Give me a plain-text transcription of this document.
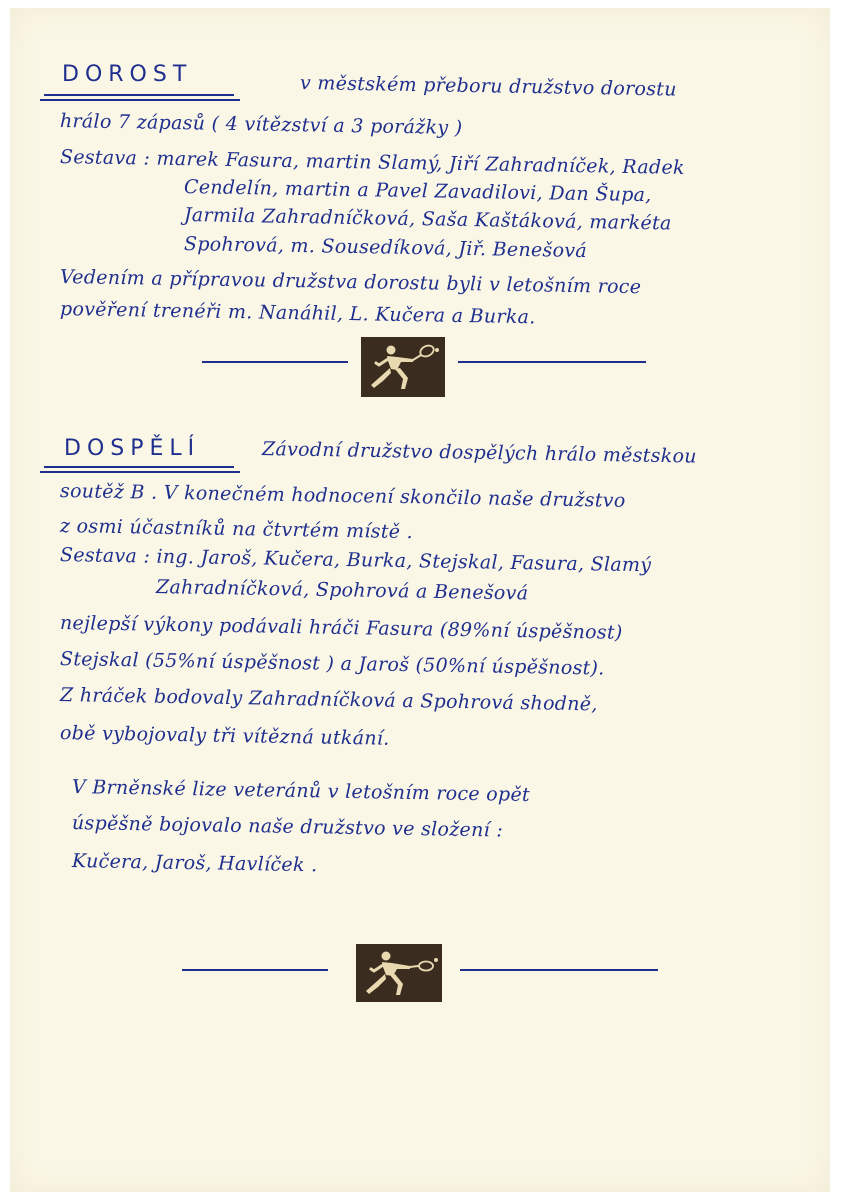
DOROST	v městském přeboru družstvo dorostu
hrálo 7 zápasů ( 4 vítězství a 3 porážky )
Sestava : marek Fasura, martin Slamý, Jiří Zahradníček, Radek
Cendelín, martin a Pavel Zavadilovi, Dan Šupa,
Jarmila Zahradníčková, Saša Kaštáková, markéta
Spohrová, m. Sousedíková, Jiř. Benešová
Vedením a přípravou družstva dorostu byli v letošním roce
pověření trenéři m. Nanáhil, L. Kučera a Burka.
DOSPĚLÍ	Závodní družstvo dospělých hrálo městskou
soutěž B . V konečném hodnocení skončilo naše družstvo
z osmi účastníků na čtvrtém místě .
Sestava : ing. Jaroš, Kučera, Burka, Stejskal, Fasura, Slamý
Zahradníčková, Spohrová a Benešová
nejlepší výkony podávali hráči Fasura (89%ní úspěšnost)
Stejskal (55%ní úspěšnost ) a Jaroš (50%ní úspěšnost).
Z hráček bodovaly Zahradníčková a Spohrová shodně,
obě vybojovaly tři vítězná utkání.
V Brněnské lize veteránů v letošním roce opět
úspěšně bojovalo naše družstvo ve složení :
Kučera, Jaroš, Havlíček .
